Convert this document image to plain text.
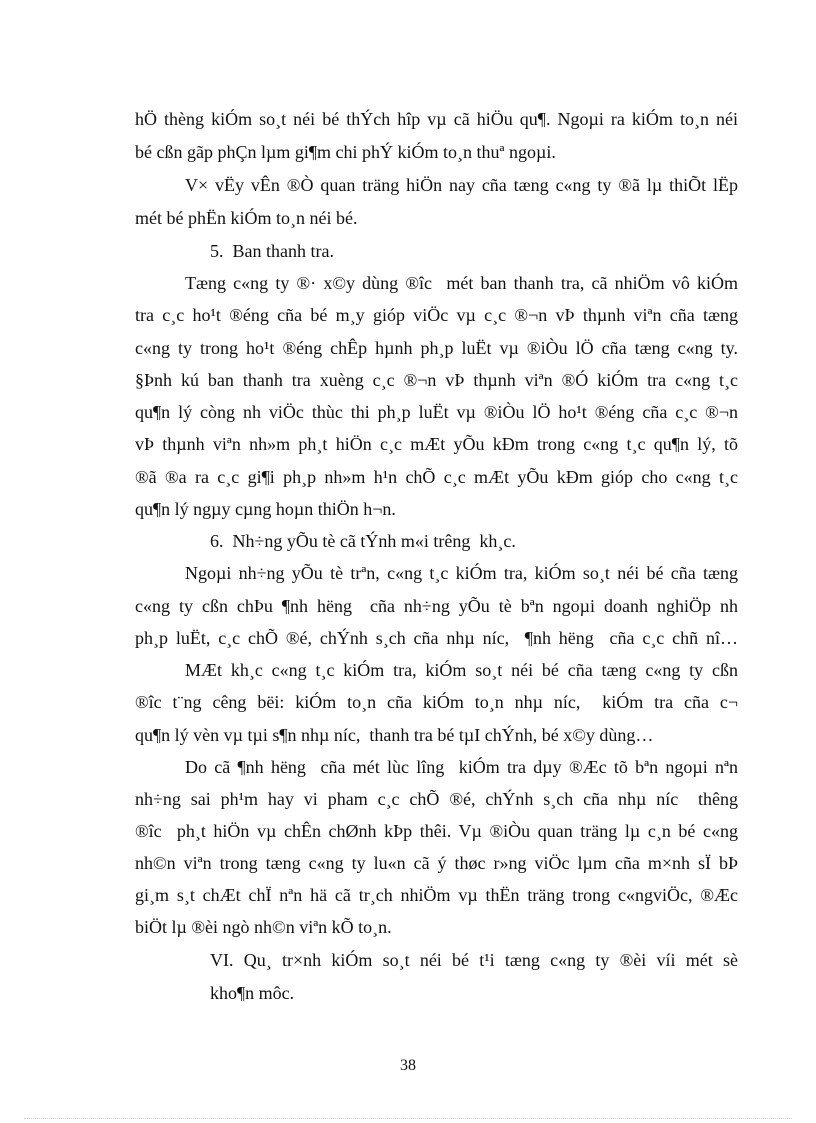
hÖ thèng kiÓm so¸t néi bé thÝch hîp vµ cã hiÖu qu¶. Ngoµi ra kiÓm to¸n néi
bé cßn gãp phÇn lµm gi¶m chi phÝ kiÓm to¸n thuª ngoµi.
V× vËy vÊn ®Ò quan träng hiÖn nay cña tæng c«ng ty ®ã lµ thiÕt lËp
mét bé phËn kiÓm to¸n néi bé.
5.  Ban thanh tra.
Tæng c«ng ty ®· x©y dùng ®îc  mét ban thanh tra, cã nhiÖm vô kiÓm
tra c¸c ho¹t ®éng cña bé m¸y gióp viÖc vµ c¸c ®¬n vÞ thµnh viªn cña tæng
c«ng ty trong ho¹t ®éng chÊp hµnh ph¸p luËt vµ ®iÒu lÖ cña tæng c«ng ty.
§Þnh kú ban thanh tra xuèng c¸c ®¬n vÞ thµnh viªn ®Ó kiÓm tra c«ng t¸c
qu¶n lý còng nh viÖc thùc thi ph¸p luËt vµ ®iÒu lÖ ho¹t ®éng cña c¸c ®¬n
vÞ thµnh viªn nh»m ph¸t hiÖn c¸c mÆt yÕu kÐm trong c«ng t¸c qu¶n lý, tõ
®ã ®a ra c¸c gi¶i ph¸p nh»m h¹n chÕ c¸c mÆt yÕu kÐm gióp cho c«ng t¸c
qu¶n lý ngµy cµng hoµn thiÖn h¬n.
6.  Nh÷ng yÕu tè cã tÝnh m«i trêng  kh¸c.
Ngoµi nh÷ng yÕu tè trªn, c«ng t¸c kiÓm tra, kiÓm so¸t néi bé cña tæng
c«ng ty cßn chÞu ¶nh hëng  cña nh÷ng yÕu tè bªn ngoµi doanh nghiÖp nh
ph¸p luËt, c¸c chÕ ®é, chÝnh s¸ch cña nhµ níc,  ¶nh hëng  cña c¸c chñ nî…
MÆt kh¸c c«ng t¸c kiÓm tra, kiÓm so¸t néi bé cña tæng c«ng ty cßn
®îc t¨ng cêng bëi: kiÓm to¸n cña kiÓm to¸n nhµ níc,  kiÓm tra cña c¬
qu¶n lý vèn vµ tµi s¶n nhµ níc,  thanh tra bé tµI chÝnh, bé x©y dùng…
Do cã ¶nh hëng  cña mét lùc lîng  kiÓm tra dµy ®Æc tõ bªn ngoµi nªn
nh÷ng sai ph¹m hay vi pham c¸c chÕ ®é, chÝnh s¸ch cña nhµ níc  thêng
®îc  ph¸t hiÖn vµ chÊn chØnh kÞp thêi. Vµ ®iÒu quan träng lµ c¸n bé c«ng
nh©n viªn trong tæng c«ng ty lu«n cã ý thøc r»ng viÖc lµm cña m×nh sÏ bÞ
gi¸m s¸t chÆt chÏ nªn hä cã tr¸ch nhiÖm vµ thËn träng trong c«ngviÖc, ®Æc
biÖt lµ ®èi ngò nh©n viªn kÕ to¸n.
VI. Qu¸ tr×nh kiÓm so¸t néi bé t¹i tæng c«ng ty ®èi víi mét sè
kho¶n môc.
38
